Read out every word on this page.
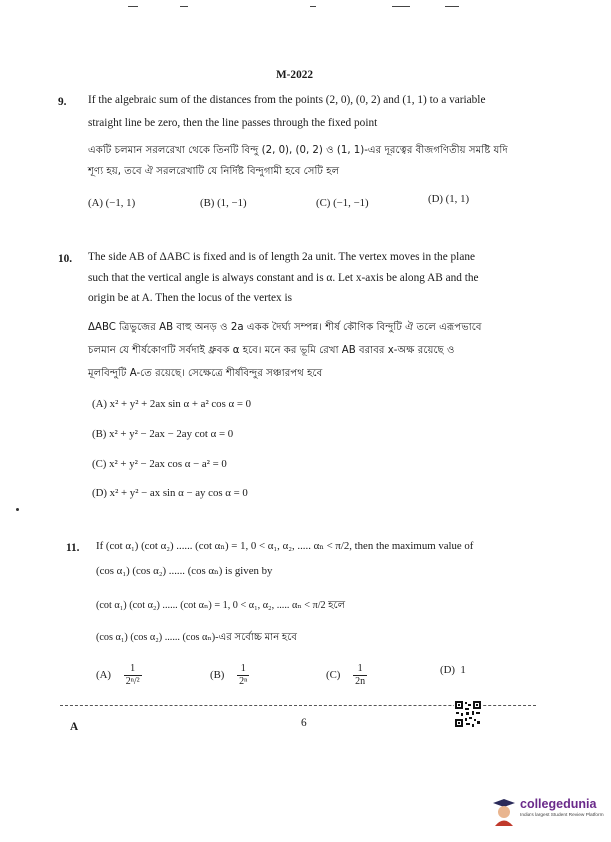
M-2022
9. If the algebraic sum of the distances from the points (2, 0), (0, 2) and (1, 1) to a variable
straight line be zero, then the line passes through the fixed point
একটি চলমান সরলরেখা থেকে তিনটি বিন্দু (2, 0), (0, 2) ও (1, 1)-এর দূরত্বের বীজগণিতীয় সমষ্টি যদি
শূণ্য হয়, তবে ঐ সরলরেখাটি যে নির্দিষ্ট বিন্দুগামী হবে সেটি হল
(A) (−1, 1)	(B) (1, −1)	(C) (−1, −1)	(D) (1, 1)
10. The side AB of ΔABC is fixed and is of length 2a unit. The vertex moves in the plane
such that the vertical angle is always constant and is α. Let x-axis be along AB and the
origin be at A. Then the locus of the vertex is
ΔABC ত্রিভুজের AB বাহু অনড় ও 2a একক দৈর্ঘ্য সম্পন্ন। শীর্ষ কৌণিক বিন্দুটি ঐ তলে এরূপভাবে
চলমান যে শীর্ষকোণটি সর্বদাই ধ্রুবক α হবে। মনে কর ভূমি রেখা AB বরাবর x-অক্ষ রয়েছে ও
মূলবিন্দুটি A-তে রয়েছে। সেক্ষেত্রে শীর্ষবিন্দুর সঞ্চারপথ হবে
(A) x² + y² + 2ax sin α + a² cos α = 0
(B) x² + y² − 2ax − 2ay cot α = 0
(C) x² + y² − 2ax cos α − a² = 0
(D) x² + y² − ax sin α − ay cos α = 0
11. If (cot α₁) (cot α₂) ...... (cot αₙ) = 1, 0 < α₁, α₂, ..... αₙ < π/2, then the maximum value of
(cos α₁) (cos α₂) ...... (cos αₙ) is given by
(cot α₁) (cot α₂) ...... (cot αₙ) = 1, 0 < α₁, α₂, ..... αₙ < π/2 হলে
(cos α₁) (cos α₂) ...... (cos αₙ)-এর সর্বোচ্চ মান হবে
$(A) \frac{1}{\text{2ⁿ/²}}$	$(B) \frac{1}{\text{2ⁿ}}$	$(C) \frac{1}{2n}$	(D) 1
A	6
collegedunia
India's largest Student Review Platform
